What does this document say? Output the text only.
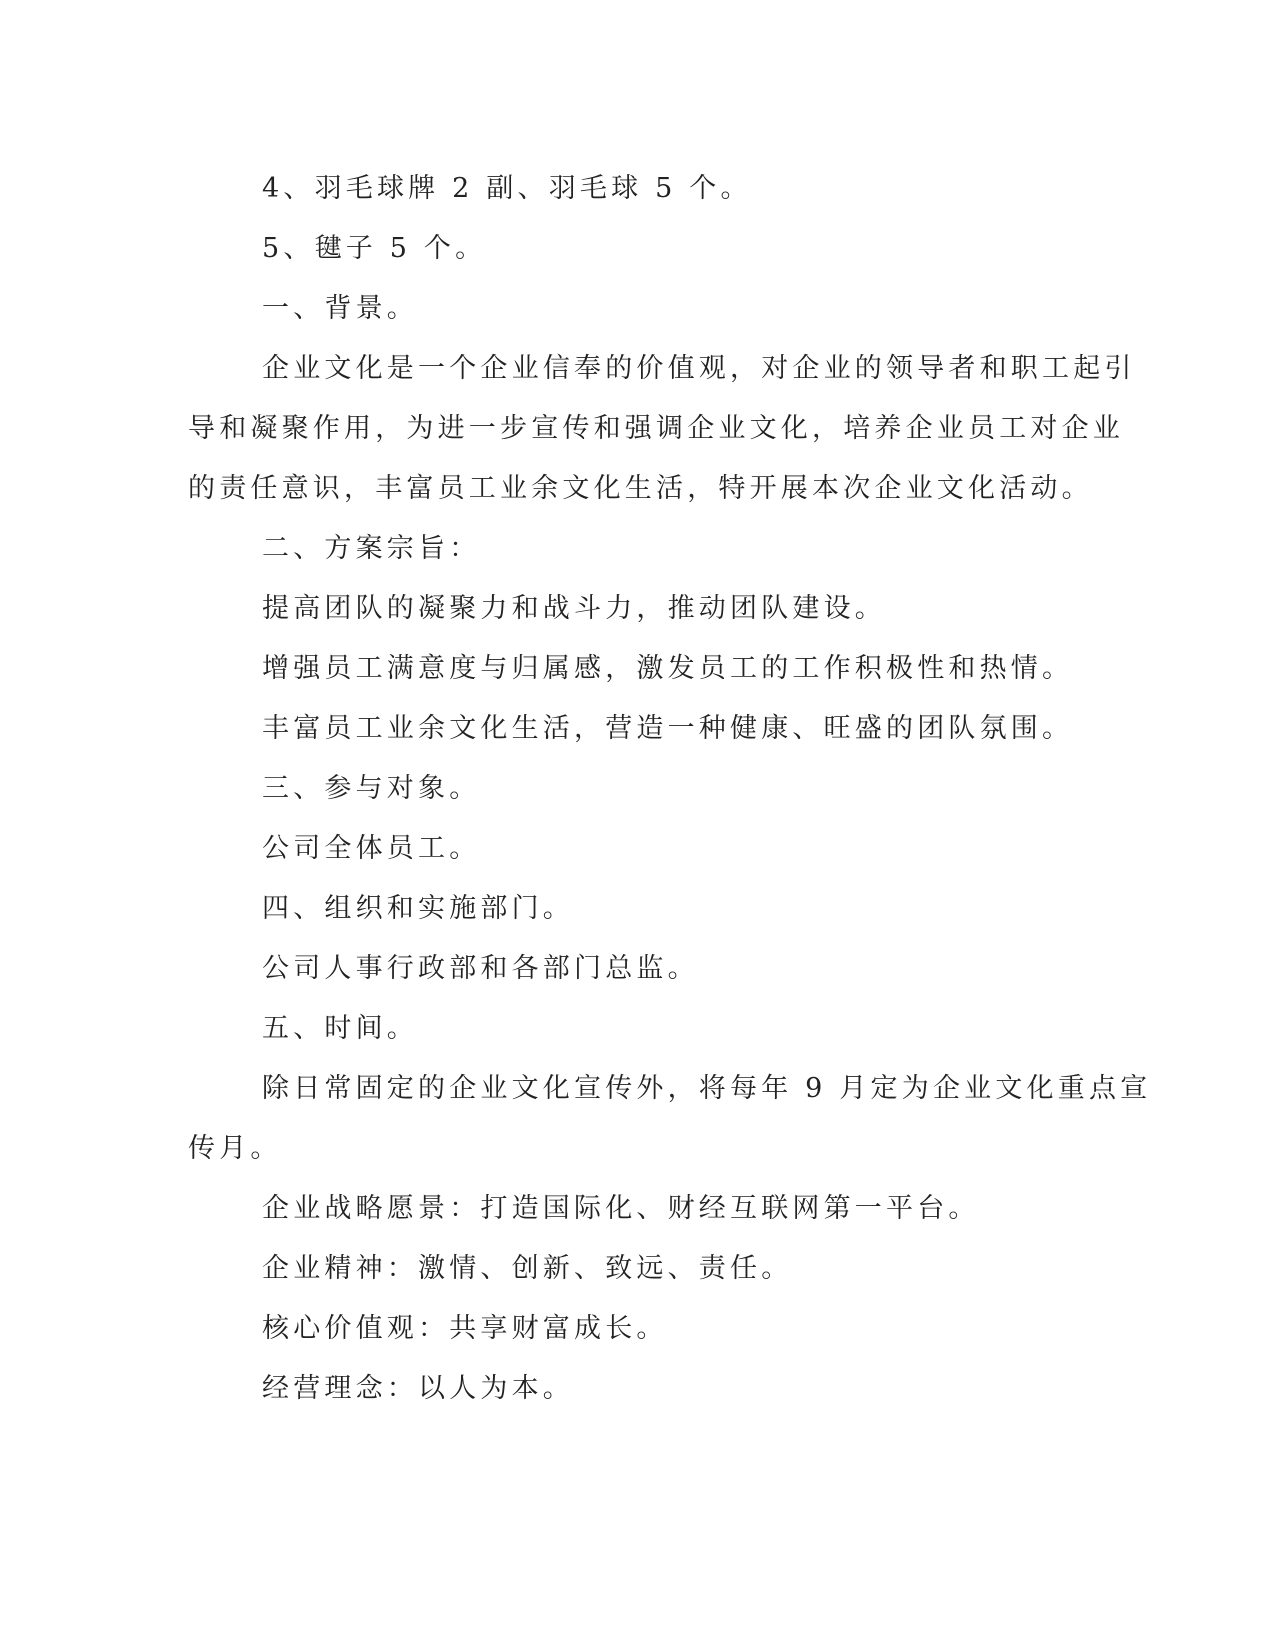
4、羽毛球牌 2 副、羽毛球 5 个。

5、毽子 5 个。

一、背景。

企业文化是一个企业信奉的价值观，对企业的领导者和职工起引

导和凝聚作用，为进一步宣传和强调企业文化，培养企业员工对企业

的责任意识，丰富员工业余文化生活，特开展本次企业文化活动。

二、方案宗旨：

提高团队的凝聚力和战斗力，推动团队建设。

增强员工满意度与归属感，激发员工的工作积极性和热情。

丰富员工业余文化生活，营造一种健康、旺盛的团队氛围。

三、参与对象。

公司全体员工。

四、组织和实施部门。

公司人事行政部和各部门总监。

五、时间。

除日常固定的企业文化宣传外，将每年 9 月定为企业文化重点宣

传月。

企业战略愿景：打造国际化、财经互联网第一平台。

企业精神：激情、创新、致远、责任。

核心价值观：共享财富成长。

经营理念：以人为本。
